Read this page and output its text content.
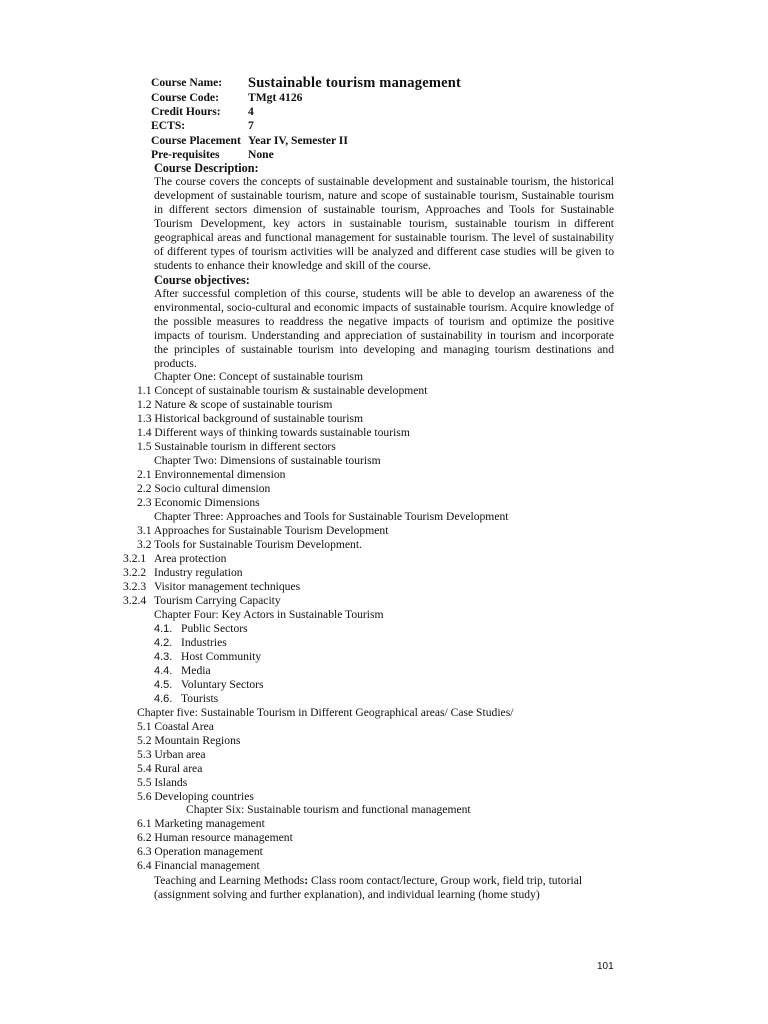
Course Name:	Sustainable tourism management
Course Code:	TMgt 4126
Credit Hours:	4
ECTS:	7
Course Placement Year IV, Semester II
Pre-requisites	None
Course Description:
The course covers the concepts of sustainable development and sustainable tourism, the historical development of sustainable tourism, nature and scope of sustainable tourism, Sustainable tourism in different sectors dimension of sustainable tourism, Approaches and Tools for Sustainable Tourism Development, key actors in sustainable tourism, sustainable tourism in different geographical areas and functional management for sustainable tourism. The level of sustainability of different types of tourism activities will be analyzed and different case studies will be given to students to enhance their knowledge and skill of the course.
Course objectives:
After successful completion of this course, students will be able to develop an awareness of the environmental, socio-cultural and economic impacts of sustainable tourism. Acquire knowledge of the possible measures to readdress the negative impacts of tourism and optimize the positive impacts of tourism. Understanding and appreciation of sustainability in tourism and incorporate the principles of sustainable tourism into developing and managing tourism destinations and products.
Chapter One: Concept of sustainable tourism
1.1 Concept of sustainable tourism & sustainable development
1.2 Nature & scope of sustainable tourism
1.3 Historical background of sustainable tourism
1.4 Different ways of thinking towards sustainable tourism
1.5 Sustainable tourism in different sectors
Chapter Two: Dimensions of sustainable tourism
2.1 Environnemental dimension
2.2 Socio cultural dimension
2.3 Economic Dimensions
Chapter Three: Approaches and Tools for Sustainable Tourism Development
3.1 Approaches for Sustainable Tourism Development
3.2 Tools for Sustainable Tourism Development.
3.2.1 Area protection
3.2.2 Industry regulation
3.2.3 Visitor management techniques
3.2.4 Tourism Carrying Capacity
Chapter Four: Key Actors in Sustainable Tourism
4.1. Public Sectors
4.2. Industries
4.3. Host Community
4.4. Media
4.5. Voluntary Sectors
4.6. Tourists
Chapter five: Sustainable Tourism in Different Geographical areas/ Case Studies/
5.1 Coastal Area
5.2 Mountain Regions
5.3 Urban area
5.4 Rural area
5.5 Islands
5.6 Developing countries
Chapter Six: Sustainable tourism and functional management
6.1 Marketing management
6.2 Human resource management
6.3 Operation management
6.4 Financial management
Teaching and Learning Methods: Class room contact/lecture, Group work, field trip, tutorial
(assignment solving and further explanation), and individual learning (home study)
101
